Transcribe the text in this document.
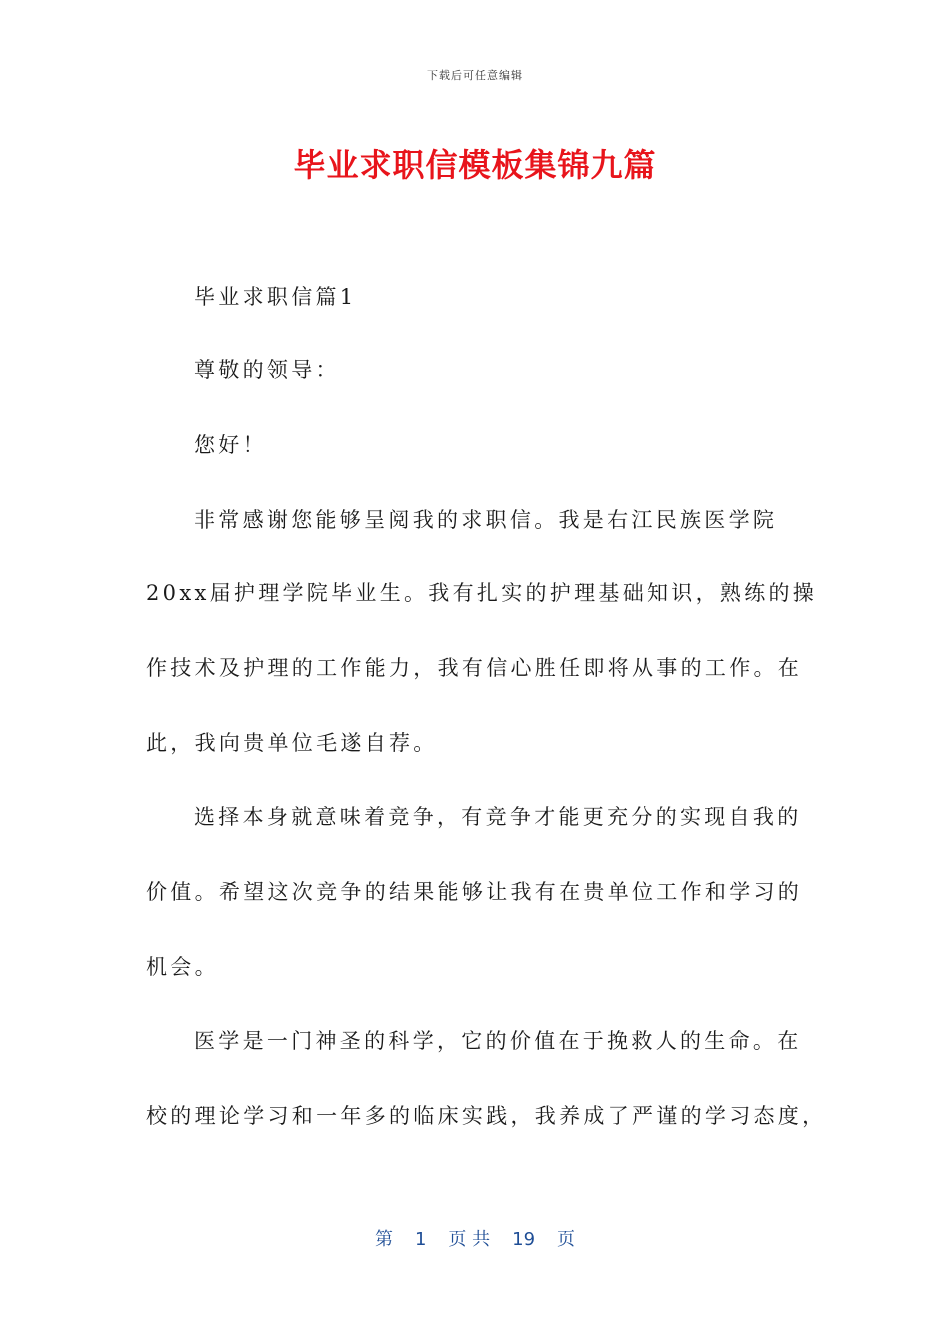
下载后可任意编辑
毕业求职信模板集锦九篇
毕业求职信篇1
尊敬的领导：
您好！
非常感谢您能够呈阅我的求职信。我是右江民族医学院
20xx届护理学院毕业生。我有扎实的护理基础知识，熟练的操
作技术及护理的工作能力，我有信心胜任即将从事的工作。在
此，我向贵单位毛遂自荐。
选择本身就意味着竞争，有竞争才能更充分的实现自我的
价值。希望这次竞争的结果能够让我有在贵单位工作和学习的
机会。
医学是一门神圣的科学，它的价值在于挽救人的生命。在
校的理论学习和一年多的临床实践，我养成了严谨的学习态度，
第 1 页 共 19 页
